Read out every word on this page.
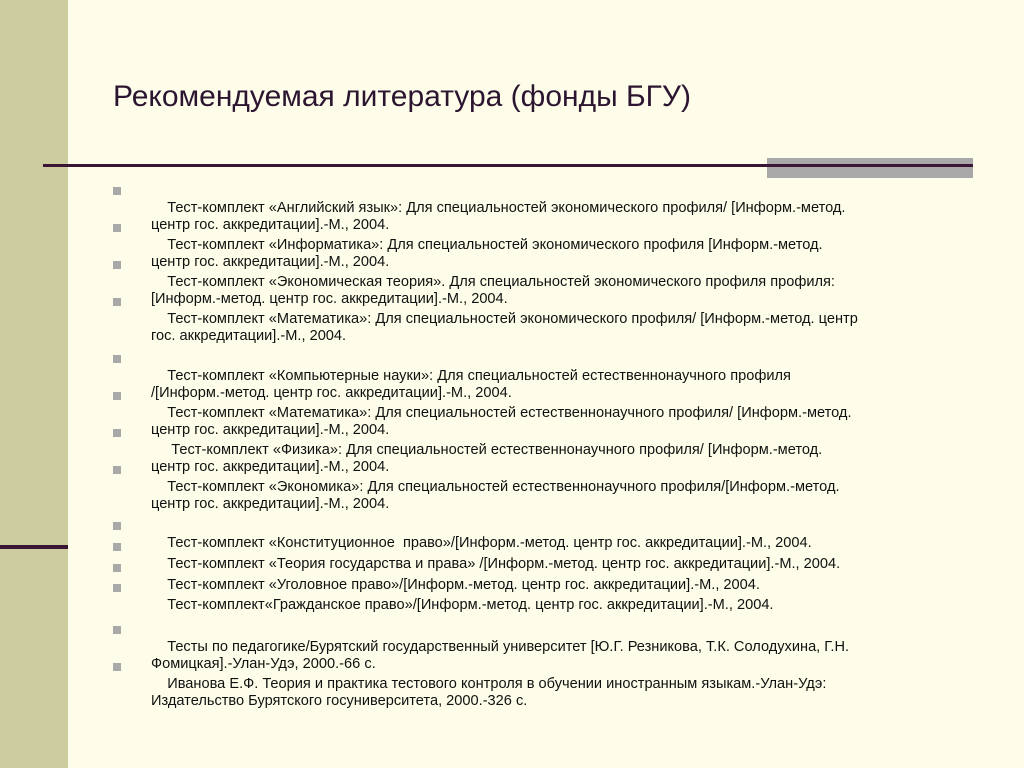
Рекомендуемая литература (фонды БГУ)

Тест-комплект «Английский язык»: Для специальностей экономического профиля/ [Информ.-метод.
центр гос. аккредитации].-М., 2004.

Тест-комплект «Информатика»: Для специальностей экономического профиля [Информ.-метод.
центр гос. аккредитации].-М., 2004.

Тест-комплект «Экономическая теория». Для специальностей экономического профиля профиля:
[Информ.-метод. центр гос. аккредитации].-М., 2004.

Тест-комплект «Математика»: Для специальностей экономического профиля/ [Информ.-метод. центр
гос. аккредитации].-М., 2004.

Тест-комплект «Компьютерные науки»: Для специальностей естественнонаучного профиля
/[Информ.-метод. центр гос. аккредитации].-М., 2004.

Тест-комплект «Математика»: Для специальностей естественнонаучного профиля/ [Информ.-метод.
центр гос. аккредитации].-М., 2004.

Тест-комплект «Физика»: Для специальностей естественнонаучного профиля/ [Информ.-метод.
центр гос. аккредитации].-М., 2004.

Тест-комплект «Экономика»: Для специальностей естественнонаучного профиля/[Информ.-метод.
центр гос. аккредитации].-М., 2004.

Тест-комплект «Конституционное  право»/[Информ.-метод. центр гос. аккредитации].-М., 2004.

Тест-комплект «Теория государства и права» /[Информ.-метод. центр гос. аккредитации].-М., 2004.

Тест-комплект «Уголовное право»/[Информ.-метод. центр гос. аккредитации].-М., 2004.

Тест-комплект«Гражданское право»/[Информ.-метод. центр гос. аккредитации].-М., 2004.

Тесты по педагогике/Бурятский государственный университет [Ю.Г. Резникова, Т.К. Солодухина, Г.Н.
Фомицкая].-Улан-Удэ, 2000.-66 с.

Иванова Е.Ф. Теория и практика тестового контроля в обучении иностранным языкам.-Улан-Удэ:
Издательство Бурятского госуниверситета, 2000.-326 с.
